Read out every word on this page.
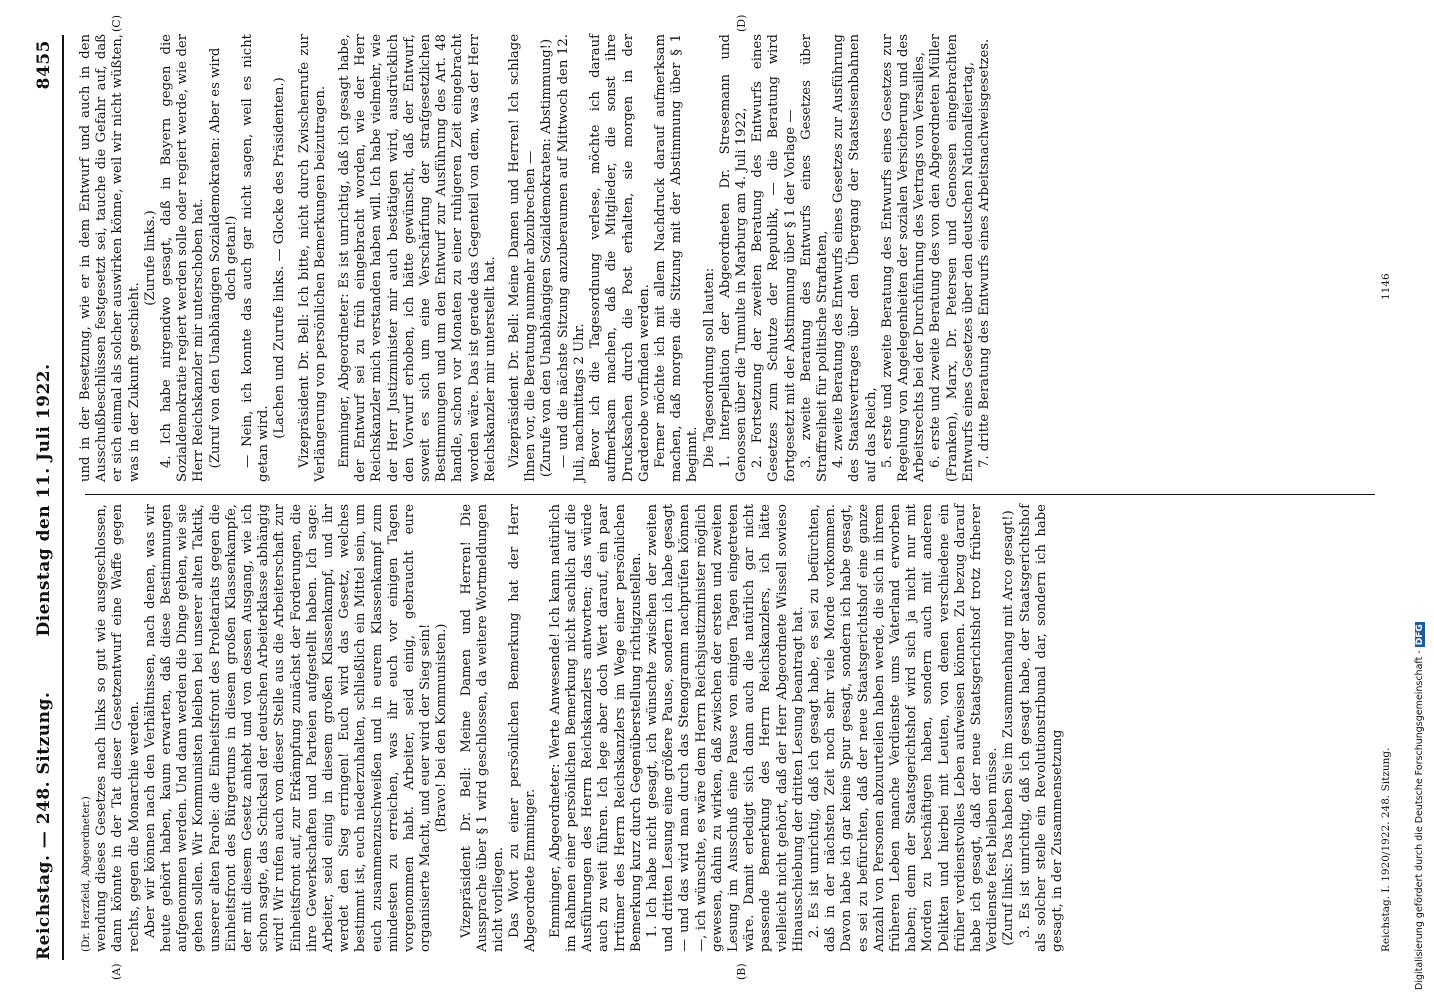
Reichstag. — 248. Sitzung.
Dienstag den 11. Juli 1922.
8455
(A)	(B)
(C)	(D)

(Dr. Herzfeld, Abgeordneter.) wendung dieses Gesetzes nach links so gut wie ausgeschlossen, dann könnte in der Tat dieser Gesetzentwurf eine Waffe gegen rechts, gegen die Monarchie werden. Aber wir können nach den Verhältnissen, nach denen, was wir heute gehört haben, kaum erwarten, daß diese Bestimmungen aufgenommen werden. Und dann werden die Dinge gehen, wie sie gehen sollen. Wir Kommunisten bleiben bei unserer alten Taktik, unserer alten Parole: die Einheitsfront des Proletariats gegen die Einheitsfront des Bürgertums in diesem großen Klassenkampfe, der mit diesem Gesetz anhebt und von dessen Ausgang, wie ich schon sagte, das Schicksal der deutschen Arbeiterklasse abhängig wird! Wir rufen auch von dieser Stelle aus die Arbeiterschaft zur Einheitsfront auf, zur Erkämpfung zunächst der Forderungen, die ihre Gewerkschaften und Parteien aufgestellt haben. Ich sage: Arbeiter, seid einig in diesem großen Klassenkampf, und ihr werdet den Sieg erringen! Euch wird das Gesetz, welches bestimmt ist, euch niederzuhalten, schließlich ein Mittel sein, um euch zusammenzuschweißen und in eurem Klassenkampf zum mindesten zu erreichen, was ihr euch vor einigen Tagen vorgenommen habt. Arbeiter, seid einig, gebraucht eure organisierte Macht, und euer wird der Sieg sein! (Bravo! bei den Kommunisten.) Vizepräsident Dr. Bell: Meine Damen und Herren! Die Aussprache über § 1 wird geschlossen, da weitere Wortmeldungen nicht vorliegen. Das Wort zu einer persönlichen Bemerkung hat der Herr Abgeordnete Emminger. Emminger, Abgeordneter: Werte Anwesende! Ich kann natürlich im Rahmen einer persönlichen Bemerkung nicht sachlich auf die Ausführungen des Herrn Reichskanzlers antworten; das würde auch zu weit führen. Ich lege aber doch Wert darauf, ein paar Irrtümer des Herrn Reichskanzlers im Wege einer persönlichen Bemerkung kurz durch Gegenüberstellung richtigzustellen. 1. Ich habe nicht gesagt, ich wünschte zwischen der zweiten und dritten Lesung eine größere Pause, sondern ich habe gesagt — und das wird man durch das Stenogramm nachprüfen können —, ich wünschte, es wäre dem Herrn Reichsjustizminister möglich gewesen, dahin zu wirken, daß zwischen der ersten und zweiten Lesung im Ausschuß eine Pause von einigen Tagen eingetreten wäre. Damit erledigt sich dann auch die natürlich gar nicht passende Bemerkung des Herrn Reichskanzlers, ich hätte vielleicht nicht gehört, daß der Herr Abgeordnete Wissell sowieso Hinausschiebung der dritten Lesung beantragt hat. 2. Es ist unrichtig, daß ich gesagt habe, es sei zu befürchten, daß in der nächsten Zeit noch sehr viele Morde vorkommen. Davon habe ich gar keine Spur gesagt, sondern ich habe gesagt, es sei zu befürchten, daß der neue Staatsgerichtshof eine ganze Anzahl von Personen abzuurteilen haben werde, die sich in ihrem früheren Leben manche Verdienste ums Vaterland erworben haben; denn der Staatsgerichtshof wird sich ja nicht nur mit Morden zu beschäftigen haben, sondern auch mit anderen Delikten und hierbei mit Leuten, von denen verschiedene ein früher verdienstvolles Leben aufweisen können. Zu bezug darauf habe ich gesagt, daß der neue Staatsgerichtshof trotz früherer Verdienste fest bleiben müsse. (Zuruf links: Das haben Sie im Zusammenhang mit Arco gesagt!) 3. Es ist unrichtig, daß ich gesagt habe, der Staatsgerichtshof als solcher stelle ein Revolutionstribunal dar, sondern ich habe gesagt, in der Zusammensetzung	Reichstag. I. 1920/1922. 248. Sitzung.

und in der Besetzung, wie er in dem Entwurf und auch in den Ausschußbeschlüssen festgesetzt sei, tauche die Gefahr auf, daß er sich einmal als solcher auswirken könne, weil wir nicht wüßten, was in der Zukunft geschieht.

(Zurufe links.) 4. Ich habe nirgendwo gesagt, daß in Bayern gegen die Sozialdemokratie regiert werden solle oder regiert werde, wie der Herr Reichskanzler mir unterschoben hat. (Zuruf von den Unabhängigen Sozialdemokraten: Aber es wird doch getan!) — Nein, ich konnte das auch gar nicht sagen, weil es nicht getan wird.

(Lachen und Zurufe links. — Glocke des Präsidenten.) Vizepräsident Dr. Bell: Ich bitte, nicht durch Zwischenrufe zur Verlängerung von persönlichen Bemerkungen beizutragen. Emminger, Abgeordneter: Es ist unrichtig, daß ich gesagt habe, der Entwurf sei zu früh eingebracht worden, wie der Herr Reichskanzler mich verstanden haben will. Ich habe vielmehr, wie der Herr Justizminister mir auch bestätigen wird, ausdrücklich den Vorwurf erhoben, ich hätte gewünscht, daß der Entwurf, soweit es sich um eine Verschärfung der strafgesetzlichen Bestimmungen und um den Entwurf zur Ausführung des Art. 48 handle, schon vor Monaten zu einer ruhigeren Zeit eingebracht worden wäre. Das ist gerade das Gegenteil von dem, was der Herr Reichskanzler mir unterstellt hat. Vizepräsident Dr. Bell: Meine Damen und Herren! Ich schlage Ihnen vor, die Beratung nunmehr abzubrechen — (Zurufe von den Unabhängigen Sozialdemokraten: Abstimmung!) — und die nächste Sitzung anzuberaumen auf Mittwoch den 12. Juli, nachmittags 2 Uhr. Bevor ich die Tagesordnung verlese, möchte ich darauf aufmerksam machen, daß die Mitglieder, die sonst ihre Drucksachen durch die Post erhalten, sie morgen in der Garderobe vorfinden werden. Ferner möchte ich mit allem Nachdruck darauf aufmerksam machen, daß morgen die Sitzung mit der Abstimmung über § 1 beginnt. Die Tagesordnung soll lauten: 1. Interpellation der Abgeordneten Dr. Stresemann und Genossen über die Tumulte in Marburg am 4. Juli 1922, 2. Fortsetzung der zweiten Beratung des Entwurfs eines Gesetzes zum Schutze der Republik, — die Beratung wird fortgesetzt mit der Abstimmung über § 1 der Vorlage — 3. zweite Beratung des Entwurfs eines Gesetzes über Straffreiheit für politische Straftaten, 4. zweite Beratung des Entwurfs eines Gesetzes zur Ausführung des Staatsvertrages über den Übergang der Staatseisenbahnen auf das Reich, 5. erste und zweite Beratung des Entwurfs eines Gesetzes zur Regelung von Angelegenheiten der sozialen Versicherung und des Arbeitsrechts bei der Durchführung des Vertrags von Versailles, 6. erste und zweite Beratung des von den Abgeordneten Müller (Franken), Marx, Dr. Petersen und Genossen eingebrachten Entwurfs eines Gesetzes über den deutschen Nationalfeiertag, 7. dritte Beratung des Entwurfs eines Arbeitsnachweisgesetzes.	1146
Digitalisierung gefördert durch die Deutsche Forschungsgemeinschaft - DFG
